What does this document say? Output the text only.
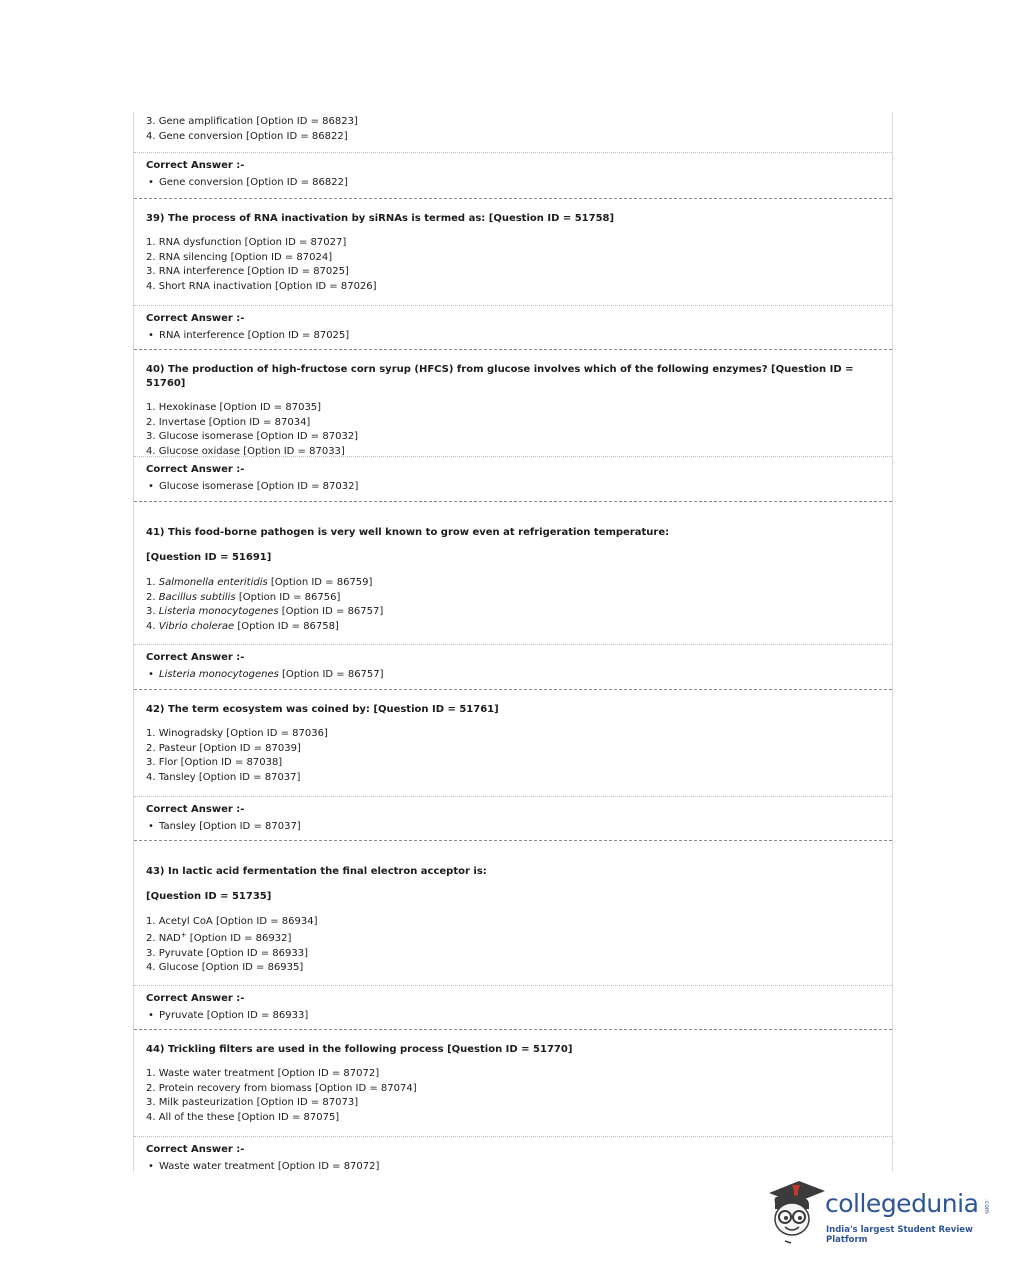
3. Gene amplification [Option ID = 86823]
4. Gene conversion [Option ID = 86822]
Correct Answer :-
• Gene conversion [Option ID = 86822]
39) The process of RNA inactivation by siRNAs is termed as: [Question ID = 51758]
1. RNA dysfunction [Option ID = 87027]
2. RNA silencing [Option ID = 87024]
3. RNA interference [Option ID = 87025]
4. Short RNA inactivation [Option ID = 87026]
Correct Answer :-
• RNA interference [Option ID = 87025]
40) The production of high-fructose corn syrup (HFCS) from glucose involves which of the following enzymes? [Question ID = 51760]
1. Hexokinase [Option ID = 87035]
2. Invertase [Option ID = 87034]
3. Glucose isomerase [Option ID = 87032]
4. Glucose oxidase [Option ID = 87033]
Correct Answer :-
• Glucose isomerase [Option ID = 87032]
41) This food-borne pathogen is very well known to grow even at refrigeration temperature:
[Question ID = 51691]
1. Salmonella enteritidis [Option ID = 86759]
2. Bacillus subtilis [Option ID = 86756]
3. Listeria monocytogenes [Option ID = 86757]
4. Vibrio cholerae [Option ID = 86758]
Correct Answer :-
• Listeria monocytogenes [Option ID = 86757]
42) The term ecosystem was coined by: [Question ID = 51761]
1. Winogradsky [Option ID = 87036]
2. Pasteur [Option ID = 87039]
3. Flor [Option ID = 87038]
4. Tansley [Option ID = 87037]
Correct Answer :-
• Tansley [Option ID = 87037]
43) In lactic acid fermentation the final electron acceptor is:
[Question ID = 51735]
1. Acetyl CoA [Option ID = 86934]
2. NAD+ [Option ID = 86932]
3. Pyruvate [Option ID = 86933]
4. Glucose [Option ID = 86935]
Correct Answer :-
• Pyruvate [Option ID = 86933]
44) Trickling filters are used in the following process [Question ID = 51770]
1. Waste water treatment [Option ID = 87072]
2. Protein recovery from biomass [Option ID = 87074]
3. Milk pasteurization [Option ID = 87073]
4. All of the these [Option ID = 87075]
Correct Answer :-
• Waste water treatment [Option ID = 87072]
collegedunia .com
India's largest Student Review Platform
